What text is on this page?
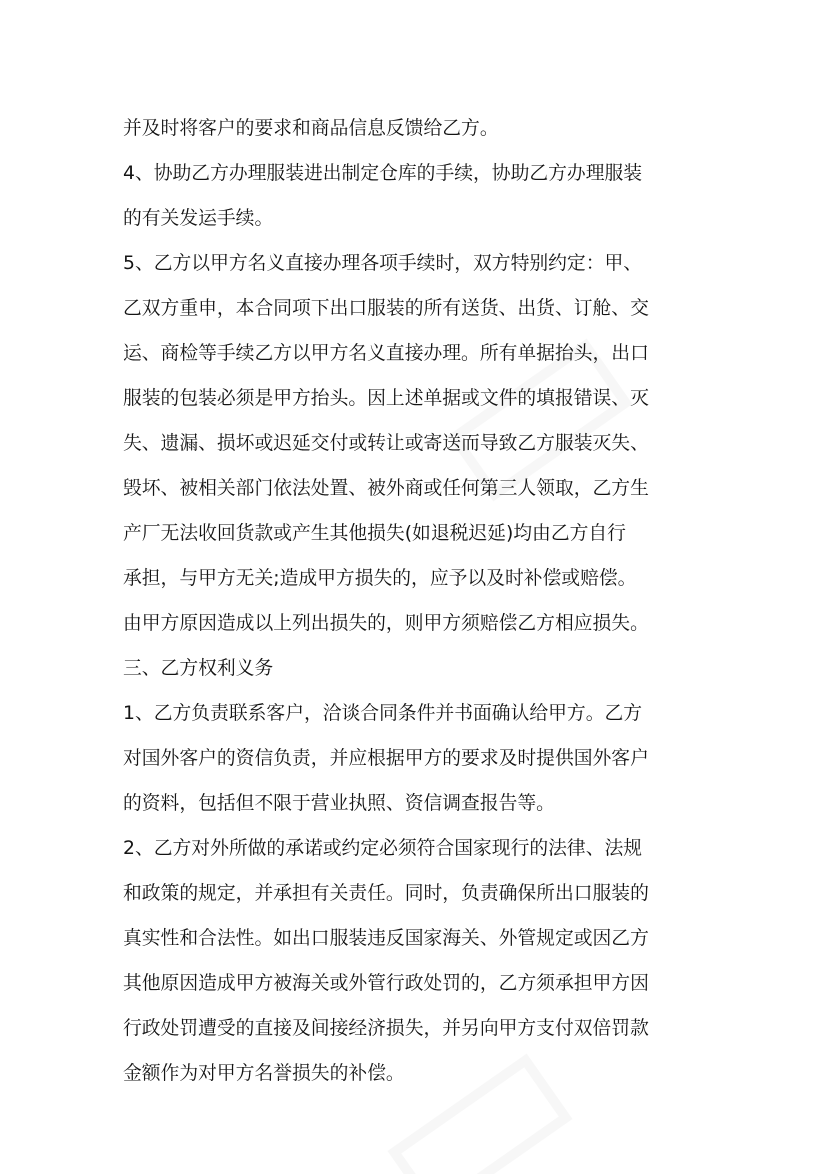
并及时将客户的要求和商品信息反馈给乙方。
4、协助乙方办理服装进出制定仓库的手续，协助乙方办理服装
的有关发运手续。
5、乙方以甲方名义直接办理各项手续时，双方特别约定：甲、
乙双方重申，本合同项下出口服装的所有送货、出货、订舱、交
运、商检等手续乙方以甲方名义直接办理。所有单据抬头，出口
服装的包装必须是甲方抬头。因上述单据或文件的填报错误、灭
失、遗漏、损坏或迟延交付或转让或寄送而导致乙方服装灭失、
毁坏、被相关部门依法处置、被外商或任何第三人领取，乙方生
产厂无法收回货款或产生其他损失(如退税迟延)均由乙方自行
承担，与甲方无关;造成甲方损失的，应予以及时补偿或赔偿。
由甲方原因造成以上列出损失的，则甲方须赔偿乙方相应损失。
三、乙方权利义务
1、乙方负责联系客户，洽谈合同条件并书面确认给甲方。乙方
对国外客户的资信负责，并应根据甲方的要求及时提供国外客户
的资料，包括但不限于营业执照、资信调查报告等。
2、乙方对外所做的承诺或约定必须符合国家现行的法律、法规
和政策的规定，并承担有关责任。同时，负责确保所出口服装的
真实性和合法性。如出口服装违反国家海关、外管规定或因乙方
其他原因造成甲方被海关或外管行政处罚的，乙方须承担甲方因
行政处罚遭受的直接及间接经济损失，并另向甲方支付双倍罚款
金额作为对甲方名誉损失的补偿。
